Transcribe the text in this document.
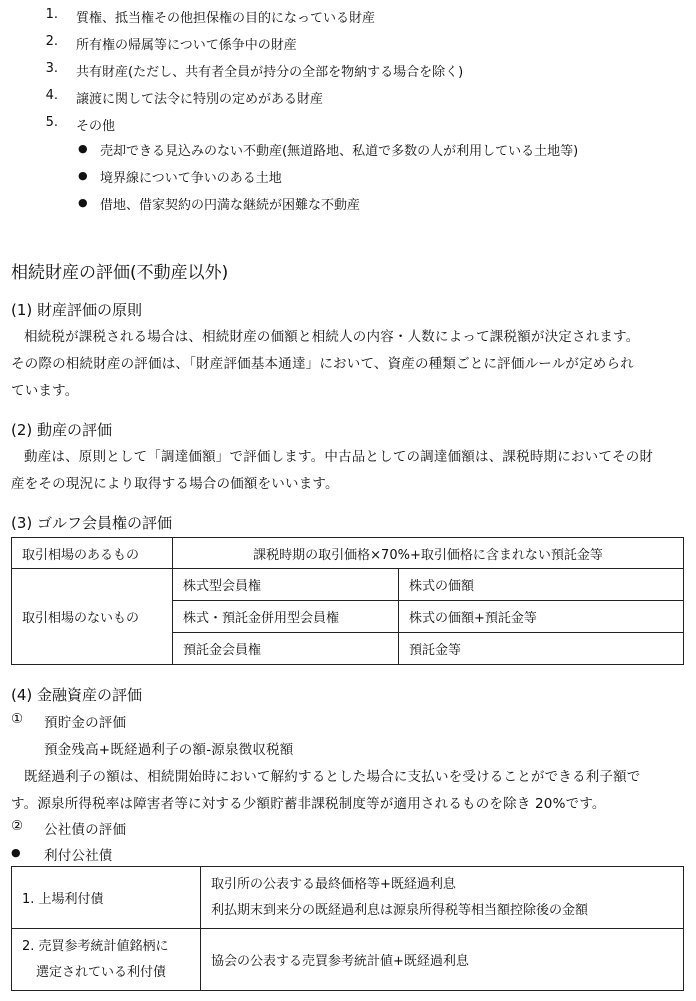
1. 質権、抵当権その他担保権の目的になっている財産
2. 所有権の帰属等について係争中の財産
3. 共有財産(ただし、共有者全員が持分の全部を物納する場合を除く)
4. 譲渡に関して法令に特別の定めがある財産
5. その他
● 売却できる見込みのない不動産(無道路地、私道で多数の人が利用している土地等)
● 境界線について争いのある土地
● 借地、借家契約の円満な継続が困難な不動産
相続財産の評価(不動産以外)
(1) 財産評価の原則
相続税が課税される場合は、相続財産の価額と相続人の内容・人数によって課税額が決定されます。
その際の相続財産の評価は、「財産評価基本通達」において、資産の種類ごとに評価ルールが定められ
ています。
(2) 動産の評価
動産は、原則として「調達価額」で評価します。中古品としての調達価額は、課税時期においてその財
産をその現況により取得する場合の価額をいいます。
(3) ゴルフ会員権の評価
取引相場のあるもの	課税時期の取引価格×70%+取引価格に含まれない預託金等	
取引相場のないもの	株式型会員権	株式の価額
	株式・預託金併用型会員権	株式の価額+預託金等
	預託金会員権	預託金等
(4) 金融資産の評価
① 預貯金の評価
預金残高+既経過利子の額-源泉徴収税額
既経過利子の額は、相続開始時において解約するとした場合に支払いを受けることができる利子額で
す。源泉所得税率は障害者等に対する少額貯蓄非課税制度等が適用されるものを除き 20%です。
② 公社債の評価
● 利付公社債
1. 上場利付債	取引所の公表する最終価格等+既経過利息
利払期末到来分の既経過利息は源泉所得税等相当額控除後の金額

2. 売買参考統計値銘柄に
選定されている利付債	協会の公表する売買参考統計値+既経過利息
